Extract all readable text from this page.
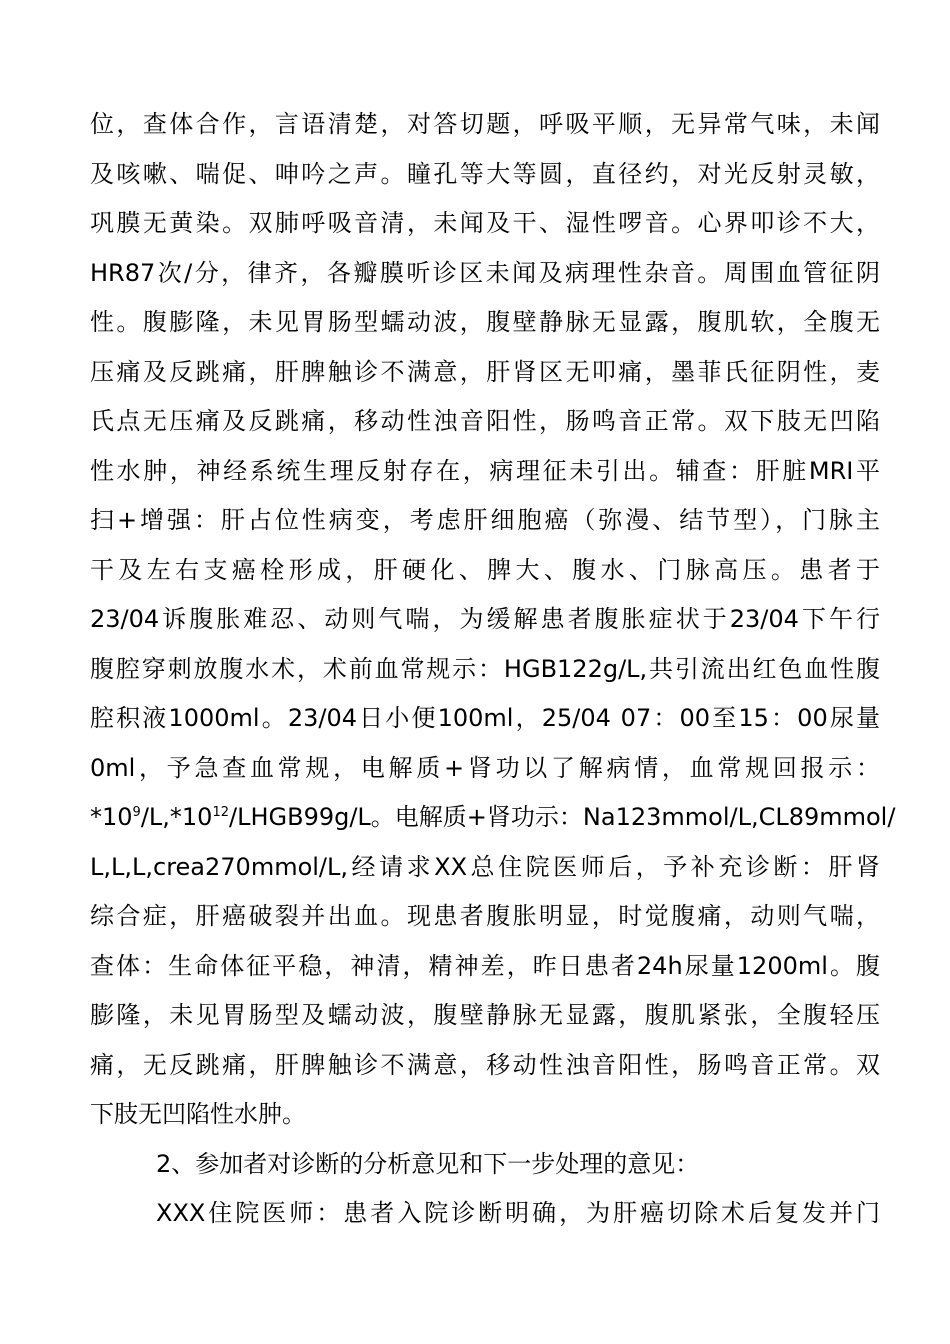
位，查体合作，言语清楚，对答切题，呼吸平顺，无异常气味，未闻
及咳嗽、喘促、呻吟之声。瞳孔等大等圆，直径约，对光反射灵敏，
巩膜无黄染。双肺呼吸音清，未闻及干、湿性啰音。心界叩诊不大，
HR87次/分，律齐，各瓣膜听诊区未闻及病理性杂音。周围血管征阴
性。腹膨隆，未见胃肠型蠕动波，腹壁静脉无显露，腹肌软，全腹无
压痛及反跳痛，肝脾触诊不满意，肝肾区无叩痛，墨菲氏征阴性，麦
氏点无压痛及反跳痛，移动性浊音阳性，肠鸣音正常。双下肢无凹陷
性水肿，神经系统生理反射存在，病理征未引出。辅查：肝脏MRI平
扫+增强：肝占位性病变，考虑肝细胞癌（弥漫、结节型），门脉主
干及左右支癌栓形成，肝硬化、脾大、腹水、门脉高压。患者于
23/04诉腹胀难忍、动则气喘，为缓解患者腹胀症状于23/04下午行
腹腔穿刺放腹水术，术前血常规示：HGB122g/L,共引流出红色血性腹
腔积液1000ml。23/04日小便100ml，25/04 07：00至15：00尿量
0ml，予急查血常规，电解质+肾功以了解病情，血常规回报示：
$*10^9/L,*10^{12}/LHGB99g/L$。电解质+肾功示：Na123mmol/L,CL89mmol/
L,L,L,crea270mmol/L,经请求XX总住院医师后，予补充诊断：肝肾
综合症，肝癌破裂并出血。现患者腹胀明显，时觉腹痛，动则气喘，
查体：生命体征平稳，神清，精神差，昨日患者24h尿量1200ml。腹
膨隆，未见胃肠型及蠕动波，腹壁静脉无显露，腹肌紧张，全腹轻压
痛，无反跳痛，肝脾触诊不满意，移动性浊音阳性，肠鸣音正常。双
下肢无凹陷性水肿。
2、参加者对诊断的分析意见和下一步处理的意见：
XXX住院医师：患者入院诊断明确，为肝癌切除术后复发并门
